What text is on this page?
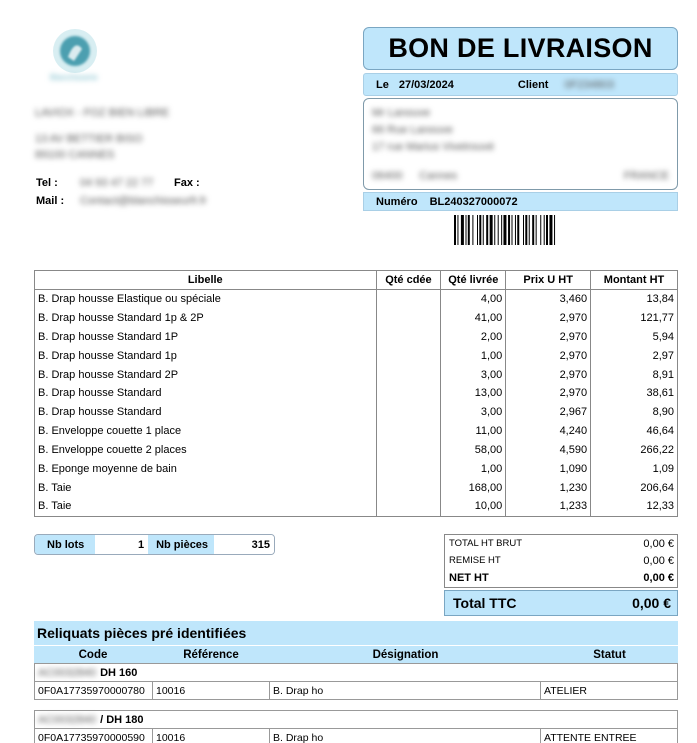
Blanchisserie
LAVIOX - FOZ BIEN LIBRE
13 AV BETTIER BISO
89100 CANNES
Tel :	04 93 47 22 77	Fax :
Mail :	Contact@blanchisseurfr.fr
BON DE LIVRAISON
Le 27/03/2024	Client 0F234803
Mr Lanouve
66 Rue Lanouve
17 rue Marius Vivetrouvé
06400 Cannes	FRANCE
Numéro BL240327000072
Libelle	Qté cdée	Qté livrée	Prix U HT	Montant HT
B. Drap housse Elastique ou spéciale		4,00	3,460	13,84
B. Drap housse Standard 1p & 2P		41,00	2,970	121,77
B. Drap housse Standard 1P		2,00	2,970	5,94
B. Drap housse Standard 1p		1,00	2,970	2,97
B. Drap housse Standard 2P		3,00	2,970	8,91
B. Drap housse Standard		13,00	2,970	38,61
B. Drap housse Standard		3,00	2,967	8,90
B. Enveloppe couette 1 place		11,00	4,240	46,64
B. Enveloppe couette 2 places		58,00	4,590	266,22
B. Eponge moyenne de bain		1,00	1,090	1,09
B. Taie		168,00	1,230	206,64
B. Taie		10,00	1,233	12,33
Nb lots	1	Nb pièces	315	TOTAL HT BRUT	0,00 €
REMISE HT	0,00 €
NET HT	0,00 €
Total TTC	0,00 €
Reliquats pièces pré identifiées
Code	Référence	Désignation	Statut
AC0032840 DH 160
0F0A17735970000780	10016	B. Drap ho	ATELIER
AC0032840 / DH 180
0F0A17735970000590	10016	B. Drap ho	ATTENTE ENTREE
